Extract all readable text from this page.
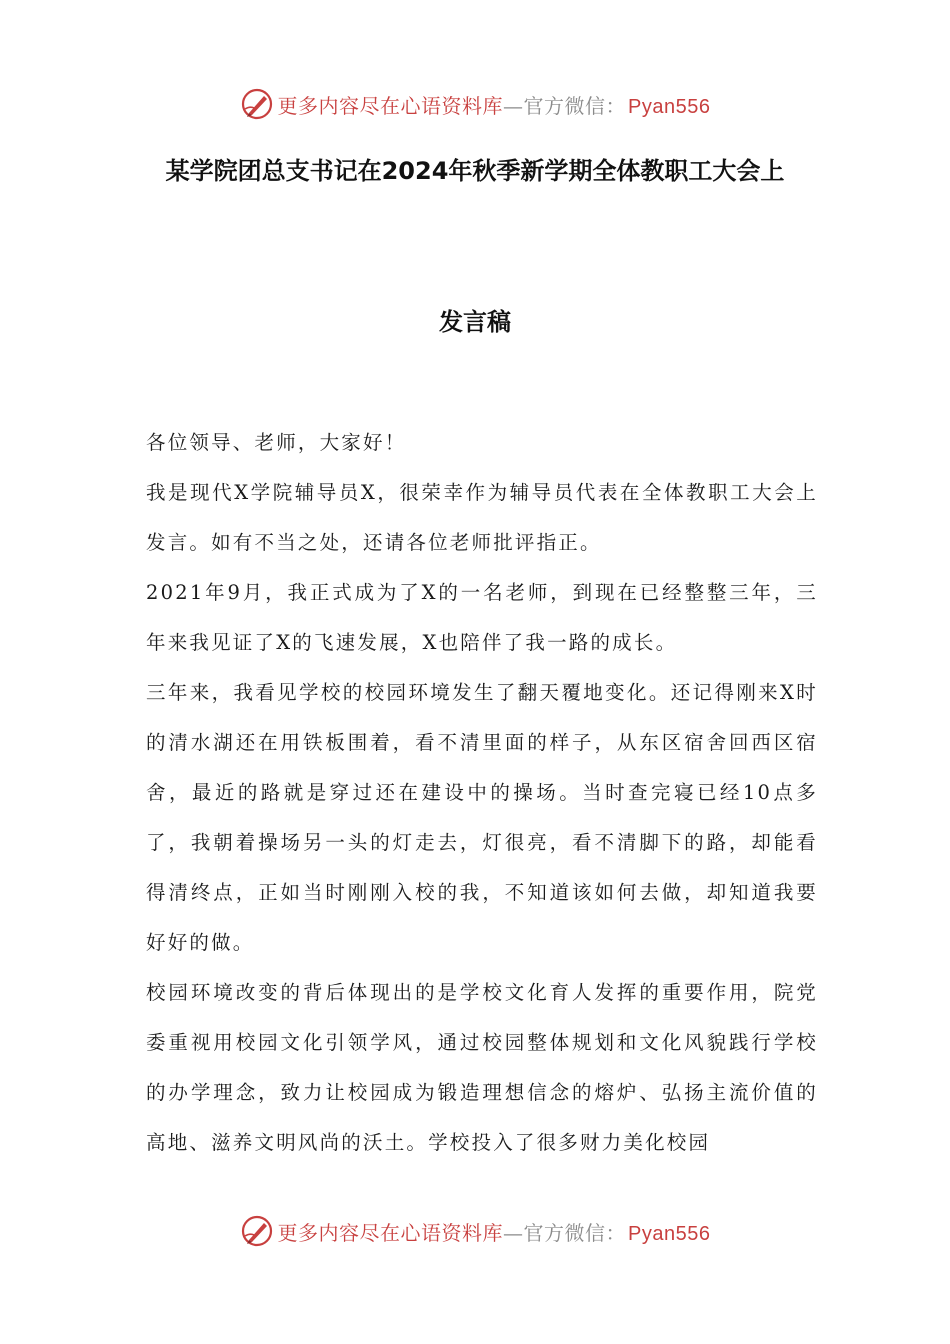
更多内容尽在心语资料库—官方微信： Pyan556
某学院团总支书记在2024年秋季新学期全体教职工大会上
发言稿

各位领导、老师，大家好！

我是现代X学院辅导员X，很荣幸作为辅导员代表在全体教职工大会上发言。如有不当之处，还请各位老师批评指正。

2021年9月，我正式成为了X的一名老师，到现在已经整整三年，三年来我见证了X的飞速发展，X也陪伴了我一路的成长。

三年来，我看见学校的校园环境发生了翻天覆地变化。还记得刚来X时的清水湖还在用铁板围着，看不清里面的样子，从东区宿舍回西区宿舍，最近的路就是穿过还在建设中的操场。当时查完寝已经10点多了，我朝着操场另一头的灯走去，灯很亮，看不清脚下的路，却能看得清终点，正如当时刚刚入校的我，不知道该如何去做，却知道我要好好的做。

校园环境改变的背后体现出的是学校文化育人发挥的重要作用，院党委重视用校园文化引领学风，通过校园整体规划和文化风貌践行学校的办学理念，致力让校园成为锻造理想信念的熔炉、弘扬主流价值的高地、滋养文明风尚的沃土。学校投入了很多财力美化校园

更多内容尽在心语资料库—官方微信： Pyan556
